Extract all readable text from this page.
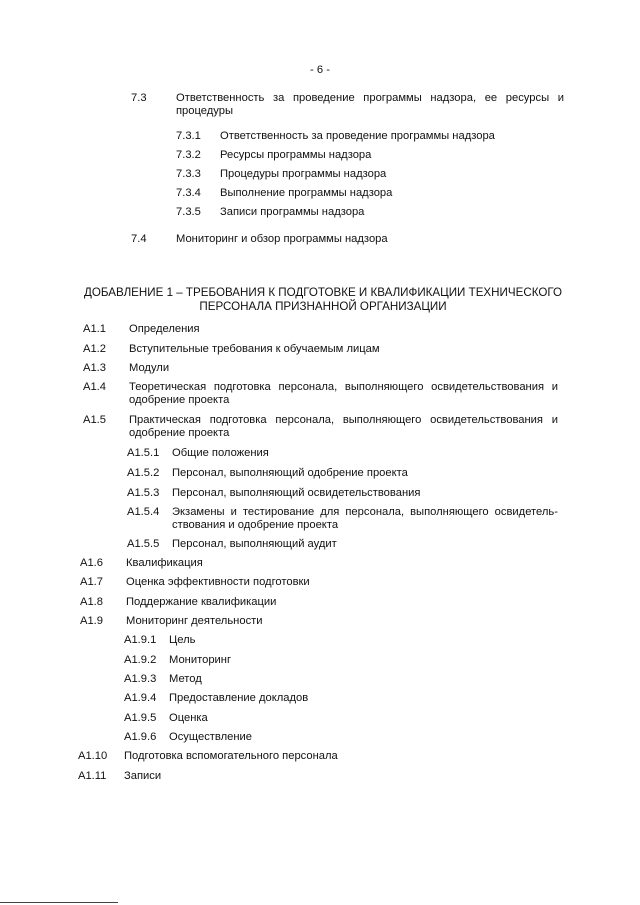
- 6 -
7.3	Ответственность за проведение программы надзора, ее ресурсы и процедуры
7.3.1 Ответственность за проведение программы надзора
7.3.2 Ресурсы программы надзора
7.3.3 Процедуры программы надзора
7.3.4 Выполнение программы надзора
7.3.5 Записи программы надзора
7.4	Мониторинг и обзор программы надзора
ДОБАВЛЕНИЕ 1 – ТРЕБОВАНИЯ К ПОДГОТОВКЕ И КВАЛИФИКАЦИИ ТЕХНИЧЕСКОГО ПЕРСОНАЛА ПРИЗНАННОЙ ОРГАНИЗАЦИИ
A1.1 Определения
A1.2 Вступительные требования к обучаемым лицам
A1.3 Модули
A1.4 Теоретическая подготовка персонала, выполняющего освидетельствования и одобрение проекта
A1.5 Практическая подготовка персонала, выполняющего освидетельствования и одобрение проекта
A1.5.1 Общие положения
A1.5.2 Персонал, выполняющий одобрение проекта
A1.5.3 Персонал, выполняющий освидетельствования
A1.5.4 Экзамены и тестирование для персонала, выполняющего освидетель-ствования и одобрение проекта
A1.5.5 Персонал, выполняющий аудит
A1.6 Квалификация
A1.7 Оценка эффективности подготовки
A1.8 Поддержание квалификации
A1.9 Мониторинг деятельности
A1.9.1 Цель
A1.9.2 Мониторинг
A1.9.3 Метод
A1.9.4 Предоставление докладов
A1.9.5 Оценка
A1.9.6 Осуществление
A1.10 Подготовка вспомогательного персонала
A1.11 Записи
